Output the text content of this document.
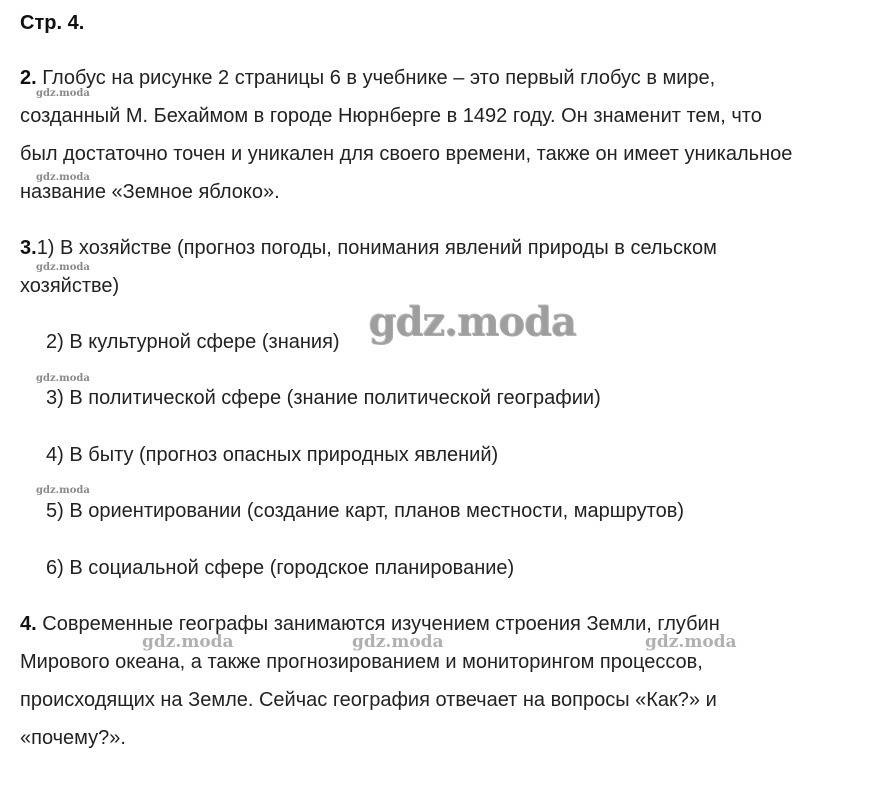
Стр. 4.
2. Глобус на рисунке 2 страницы 6 в учебнике – это первый глобус в мире,
созданный М. Бехаймом в городе Нюрнберге в 1492 году. Он знаменит тем, что
был достаточно точен и уникален для своего времени, также он имеет уникальное
название «Земное яблоко».
3.1) В хозяйстве (прогноз погоды, понимания явлений природы в сельском
хозяйстве)
2) В культурной сфере (знания)
3) В политической сфере (знание политической географии)
4) В быту (прогноз опасных природных явлений)
5) В ориентировании (создание карт, планов местности, маршрутов)
6) В социальной сфере (городское планирование)
4. Современные географы занимаются изучением строения Земли, глубин
Мирового океана, а также прогнозированием и мониторингом процессов,
происходящих на Земле. Сейчас география отвечает на вопросы «Как?» и
«почему?».
gdz.moda
gdz.moda
gdz.moda
gdz.moda
gdz.moda
gdz.moda
gdz.moda	gdz.moda	gdz.moda
